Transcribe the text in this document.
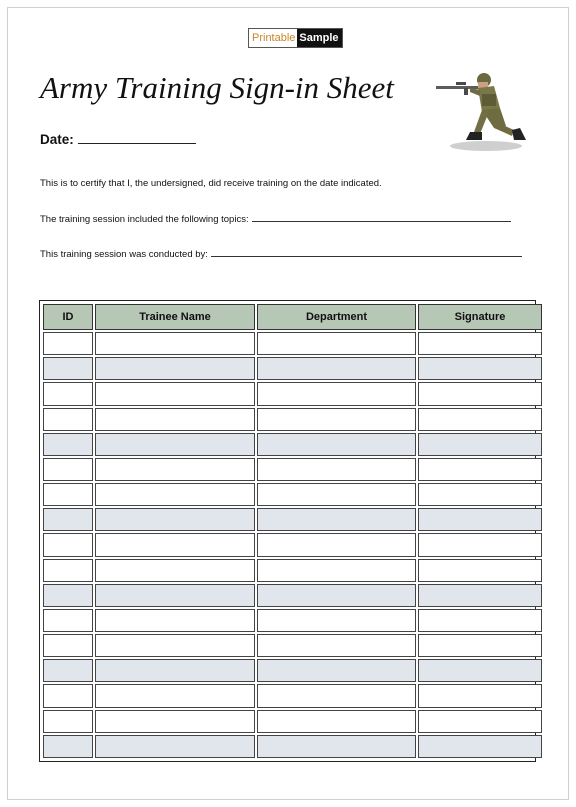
Printable Sample
Army Training Sign-in Sheet
Date:
This is to certify that I, the undersigned, did receive training on the date indicated.
The training session included the following topics:
This training session was conducted by:
ID	Trainee Name	Department	Signature
